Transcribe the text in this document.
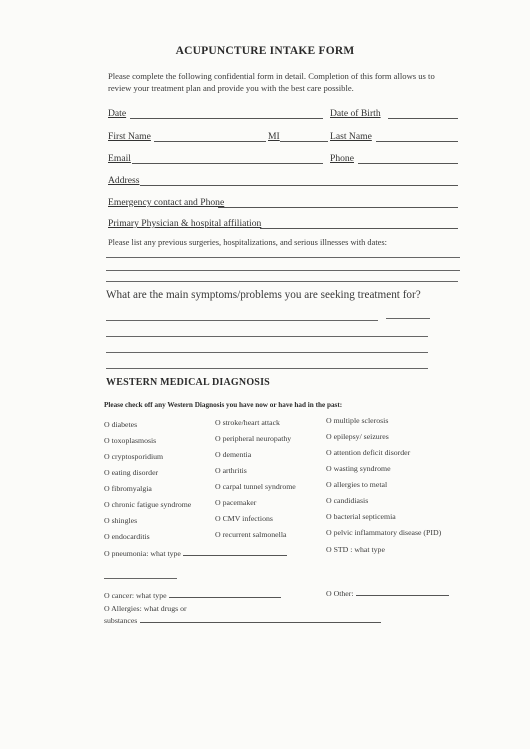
ACUPUNCTURE INTAKE FORM
Please complete the following confidential form in detail. Completion of this form allows us to review your treatment plan and provide you with the best care possible.
Date	Date of Birth
First Name	MI	Last Name
Email	Phone
Address
Emergency contact and Phone
Primary Physician & hospital affiliation
Please list any previous surgeries, hospitalizations, and serious illnesses with dates:
What are the main symptoms/problems you are seeking treatment for?
WESTERN MEDICAL DIAGNOSIS
Please check off any Western Diagnosis you have now or have had in the past:
O diabetes
O toxoplasmosis
O cryptosporidium
O eating disorder
O fibromyalgia
O chronic fatigue syndrome
O shingles
O endocarditis
O stroke/heart attack
O peripheral neuropathy
O dementia
O arthritis
O carpal tunnel syndrome
O pacemaker
O CMV infections
O recurrent salmonella
O multiple sclerosis
O epilepsy/ seizures
O attention deficit disorder
O wasting syndrome
O allergies to metal
O candidiasis
O bacterial septicemia
O pelvic inflammatory disease (PID)
O pneumonia: what type	O STD : what type
O cancer: what type	O Other:
O Allergies: what drugs or
substances
